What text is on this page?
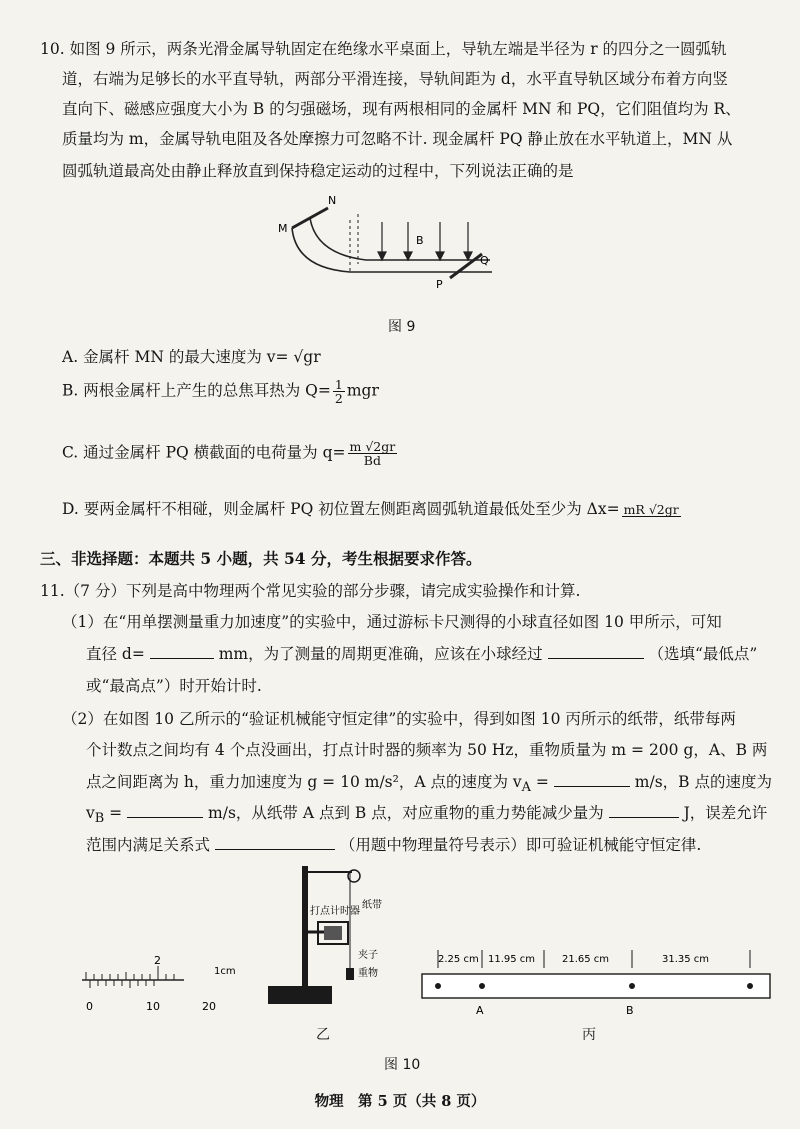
10. 如图 9 所示，两条光滑金属导轨固定在绝缘水平桌面上，导轨左端是半径为 r 的四分之一圆弧轨
道，右端为足够长的水平直导轨，两部分平滑连接，导轨间距为 d，水平直导轨区域分布着方向竖
直向下、磁感应强度大小为 B 的匀强磁场，现有两根相同的金属杆 MN 和 PQ，它们阻值均为 R、
质量均为 m，金属导轨电阻及各处摩擦力可忽略不计. 现金属杆 PQ 静止放在水平轨道上，MN 从
圆弧轨道最高处由静止释放直到保持稳定运动的过程中，下列说法正确的是
M
N
B
Q
P
图 9
A. 金属杆 MN 的最大速度为 v= √gr
B. 两根金属杆上产生的总焦耳热为 $Q= \frac{1}{2}$ mgr
C. 通过金属杆 PQ 横截面的电荷量为 $q= \frac{m √2gr}{Bd}$
D. 要两金属杆不相碰，则金属杆 PQ 初位置左侧距离圆弧轨道最低处至少为 Δx= mR √2gr
三、非选择题：本题共 5 小题，共 54 分，考生根据要求作答。
11.（7 分）下列是高中物理两个常见实验的部分步骤，请完成实验操作和计算.
（1）在“用单摆测量重力加速度”的实验中，通过游标卡尺测得的小球直径如图 10 甲所示，可知
直径 d=	mm，为了测量的周期更准确，应该在小球经过	（选填“最低点”
或“最高点”）时开始计时.
（2）在如图 10 乙所示的“验证机械能守恒定律”的实验中，得到如图 10 丙所示的纸带，纸带每两
个计数点之间均有 4 个点没画出，打点计时器的频率为 50 Hz，重物质量为 m = 200 g，A、B 两
点之间距离为 h，重力加速度为 g = 10 m/s²，A 点的速度为 $v_A$ =	m/s，B 点的速度为
$v_B$ =	m/s，从纸带 A 点到 B 点，对应重物的重力势能减少量为	J，误差允许
范围内满足关系式	（用题中物理量符号表示）即可验证机械能守恒定律.
2
1cm
0	10	20
打点计时器
纸带
夹子
重物
乙
2.25 cm 11.95 cm	21.65 cm	31.35 cm
A	B
丙
图 10
物理　第 5 页（共 8 页）
